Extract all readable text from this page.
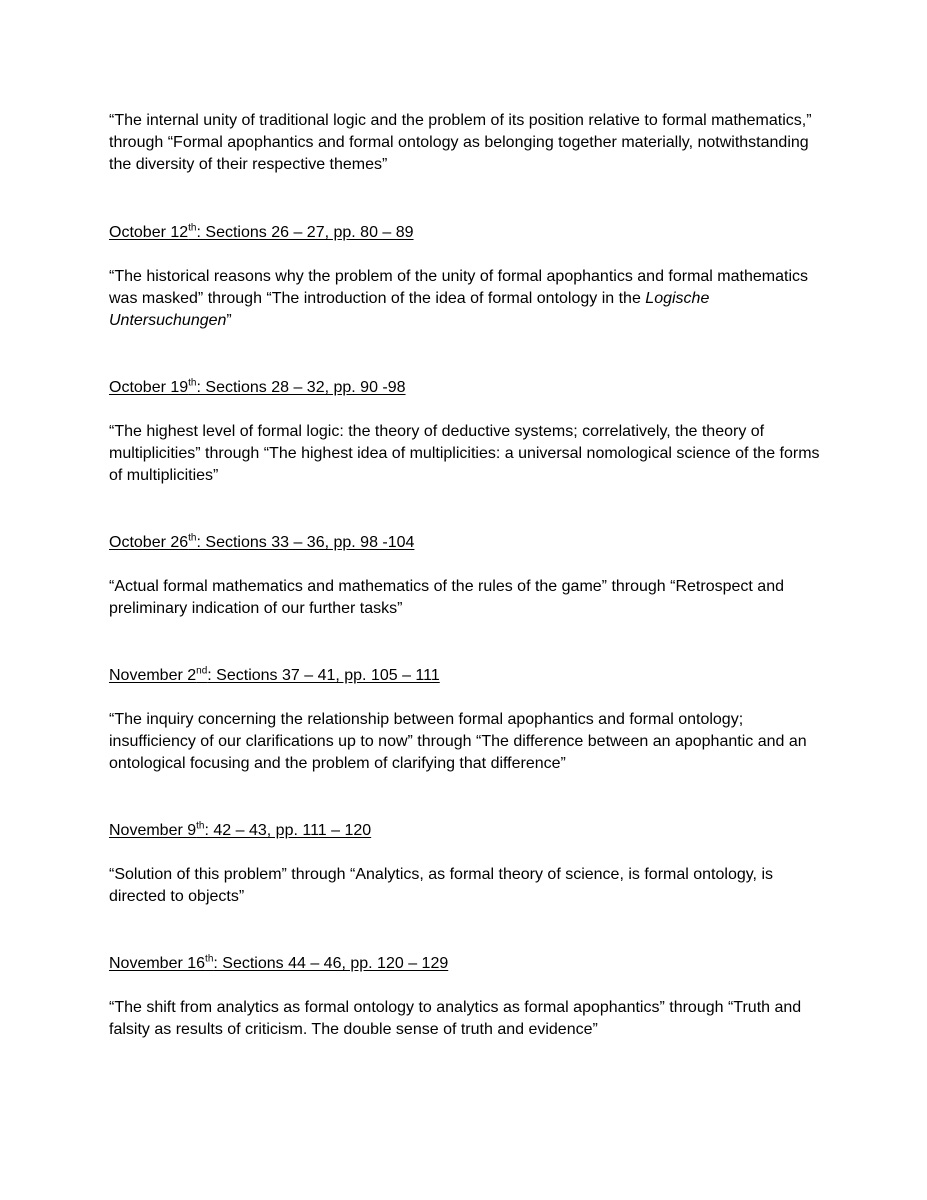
“The internal unity of traditional logic and the problem of its position relative to formal mathematics,” through “Formal apophantics and formal ontology as belonging together materially, notwithstanding the diversity of their respective themes”

October 12th: Sections 26 – 27, pp. 80 – 89

“The historical reasons why the problem of the unity of formal apophantics and formal mathematics was masked” through “The introduction of the idea of formal ontology in the Logische Untersuchungen”

October 19th: Sections 28 – 32, pp. 90 -98

“The highest level of formal logic: the theory of deductive systems; correlatively, the theory of multiplicities” through “The highest idea of multiplicities: a universal nomological science of the forms of multiplicities”

October 26th: Sections 33 – 36, pp. 98 -104

“Actual formal mathematics and mathematics of the rules of the game” through “Retrospect and preliminary indication of our further tasks”

November 2nd: Sections 37 – 41, pp. 105 – 111

“The inquiry concerning the relationship between formal apophantics and formal ontology; insufficiency of our clarifications up to now” through “The difference between an apophantic and an ontological focusing and the problem of clarifying that difference”

November 9th: 42 – 43, pp. 111 – 120

“Solution of this problem” through “Analytics, as formal theory of science, is formal ontology, is directed to objects”

November 16th: Sections 44 – 46, pp. 120 – 129

“The shift from analytics as formal ontology to analytics as formal apophantics” through “Truth and falsity as results of criticism. The double sense of truth and evidence”
